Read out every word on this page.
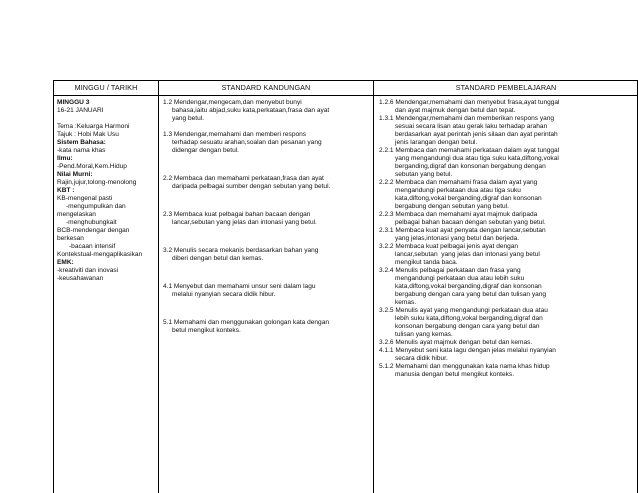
MINGGU / TARIKH	STANDARD KANDUNGAN	STANDARD PEMBELAJARAN
MINGGU 3
16-21 JANUARI
Tema :Keluarga Harmoni
Tajuk : Hobi Mak Usu
Sistem Bahasa:
-kata nama khas
Ilmu:
-Pend.Moral,Kem.Hidup
Nilai Murni:
Rajin,jujur,tolong-menolong
KBT :
KB-mengenal pasti
-mengumpulkan dan
mengelaskan
-menghubungkait
BCB-mendengar dengan
berkesan
-bacaan intensif
Kontekstual-mengaplikasikan
EMK:
-kreativiti dan inovasi
-keusahawanan
1.2 Mendengar,mengecam,dan menyebut bunyi
bahasa,iaitu abjad,suku kata,perkataan,frasa dan ayat
yang betul.
1.3 Mendengar,memahami dan memberi respons
terhadap sesuatu arahan,soalan dan pesanan yang
didengar dengan betul.
2.2 Membaca dan memahami perkataan,frasa dan ayat
daripada pelbagai sumber dengan sebutan yang betul.
2.3 Membaca kuat pelbagai bahan bacaan dengan
lancar,sebutan yang jelas dan intonasi yang betul.
3.2 Menulis secara mekanis berdasarkan bahan yang
diberi dengan betul dan kemas.
4.1 Menyebut dan memahami unsur seni dalam lagu
melalui nyanyian secara didik hibur.
5.1 Memahami dan menggunakan golongan kata dengan
betul mengikut konteks.
1.2.6 Mendengar,memahami dan menyebut frasa,ayat tunggal
dan ayat majmuk dengan betul dan tepat.
1.3.1 Mendengar,memahami dan memberikan respons yang
sesuai secara lisan atau gerak laku terhadap arahan
berdasarkan ayat perintah jenis silaan dan ayat perintah
jenis larangan dengan betul.
2.2.1 Membaca dan memahami perkataan dalam ayat tunggal
yang mengandungi dua atau tiga suku kata,diftong,vokal
berganding,digraf dan konsonan bergabung dengan
sebutan yang betul.
2.2.2 Membaca dan memahami frasa dalam ayat yang
mengandungi perkataan dua atau tiga suku
kata,diftong,vokal berganding,digraf dan konsonan
bergabung dengan sebutan yang betul.
2.2.3 Membaca dan memahami ayat majmuk daripada
pelbagai bahan bacaan dengan sebutan yang betul.
2.3.1 Membaca kuat ayat penyata dengan lancar,sebutan
yang jelas,intonasi yang betul dan berjeda.
3.2.2 Membaca kuat pelbagai jenis ayat dengan
lancar,sebutan  yang jelas dan intonasi yang betul
mengikut tanda baca.
3.2.4 Menulis pelbagai perkataan dan frasa yang
mengandungi perkataan dua atau lebih suku
kata,diftong,vokal berganding,digraf dan konsonan
bergabung dengan cara yang betul dan tulisan yang
kemas.
3.2.5 Menulis ayat yang mengandungi perkataan dua atau
lebih suku kata,diftong,vokal berganding,digraf dan
konsonan bergabung dengan cara yang betul dan
tulisan yang kemas.
3.2.6 Menulis ayat majmuk dengan betul dan kemas.
4.1.1 Menyebut seni kata lagu dengan jelas melalui nyanyian
secara didik hibur.
5.1.2 Memahami dan menggunakan kata nama khas hidup
manusia dengan betul mengikut konteks.
